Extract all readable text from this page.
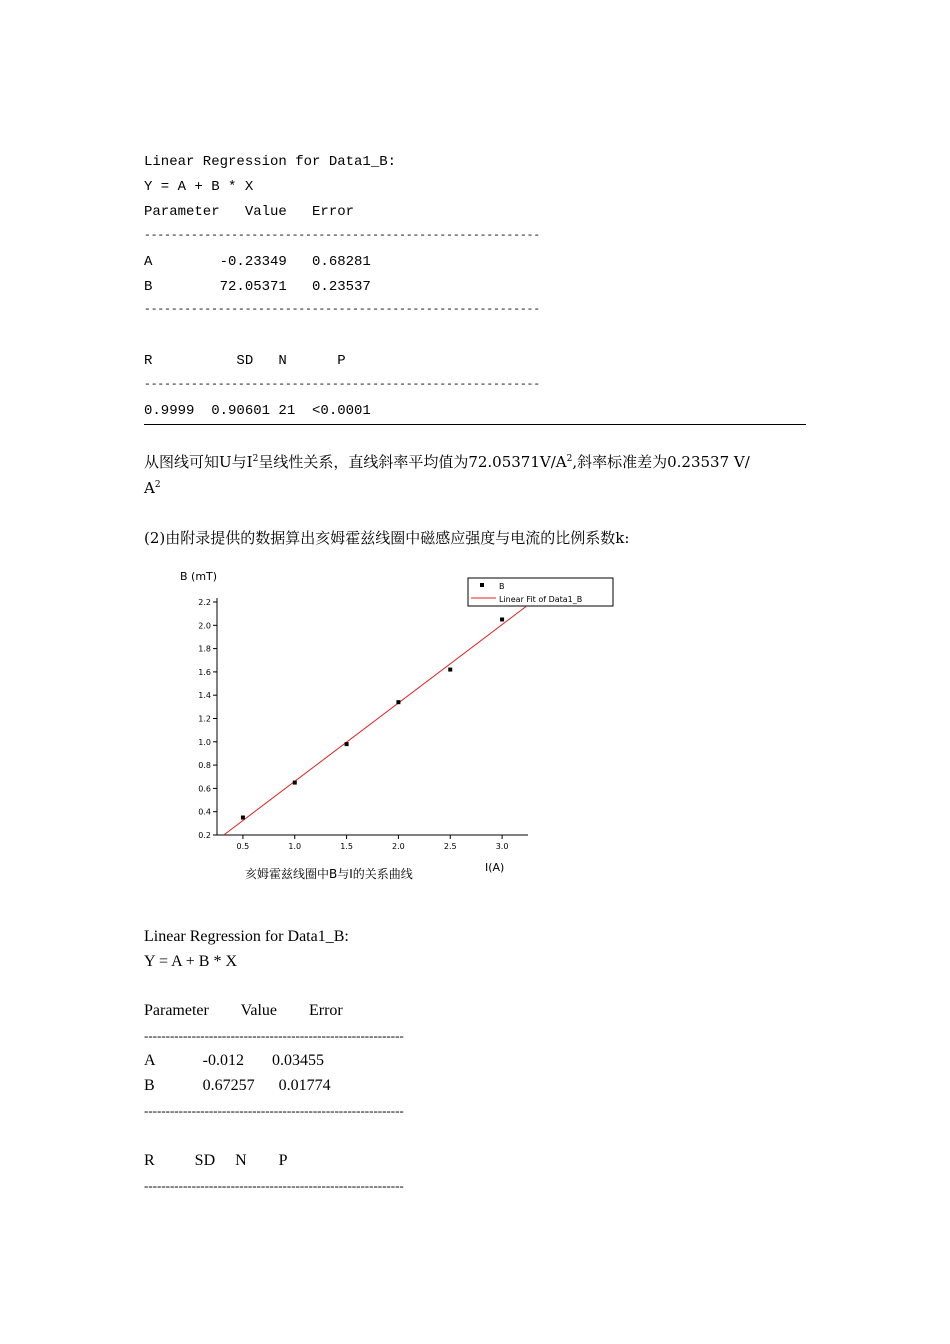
Linear Regression for Data1_B:
Y = A + B * X
Parameter   Value   Error
-----------------------------------------------------------
A        -0.23349   0.68281
B        72.05371   0.23537
-----------------------------------------------------------
R          SD   N      P
-----------------------------------------------------------
0.9999  0.90601 21  <0.0001
从图线可知U与$I^2$呈线性关系，直线斜率平均值为$72.05371V/A^2$,斜率标准差为0.23537 V/
$A^2$
(2)由附录提供的数据算出亥姆霍兹线圈中磁感应强度与电流的比例系数k:
B (mT)
0.5	1.0	1.5	2.0	2.5	3.0
0.2
0.4
0.6
0.8
1.0
1.2
1.4
1.6
1.8
2.0
2.2
B
Linear Fit of Data1_B
I(A)
亥姆霍兹线圈中B与I的关系曲线
Linear Regression for Data1_B:
Y = A + B * X
Parameter        Value        Error
------------------------------------------------------------
A            -0.012       0.03455
B            0.67257      0.01774
------------------------------------------------------------
R          SD     N        P
------------------------------------------------------------
